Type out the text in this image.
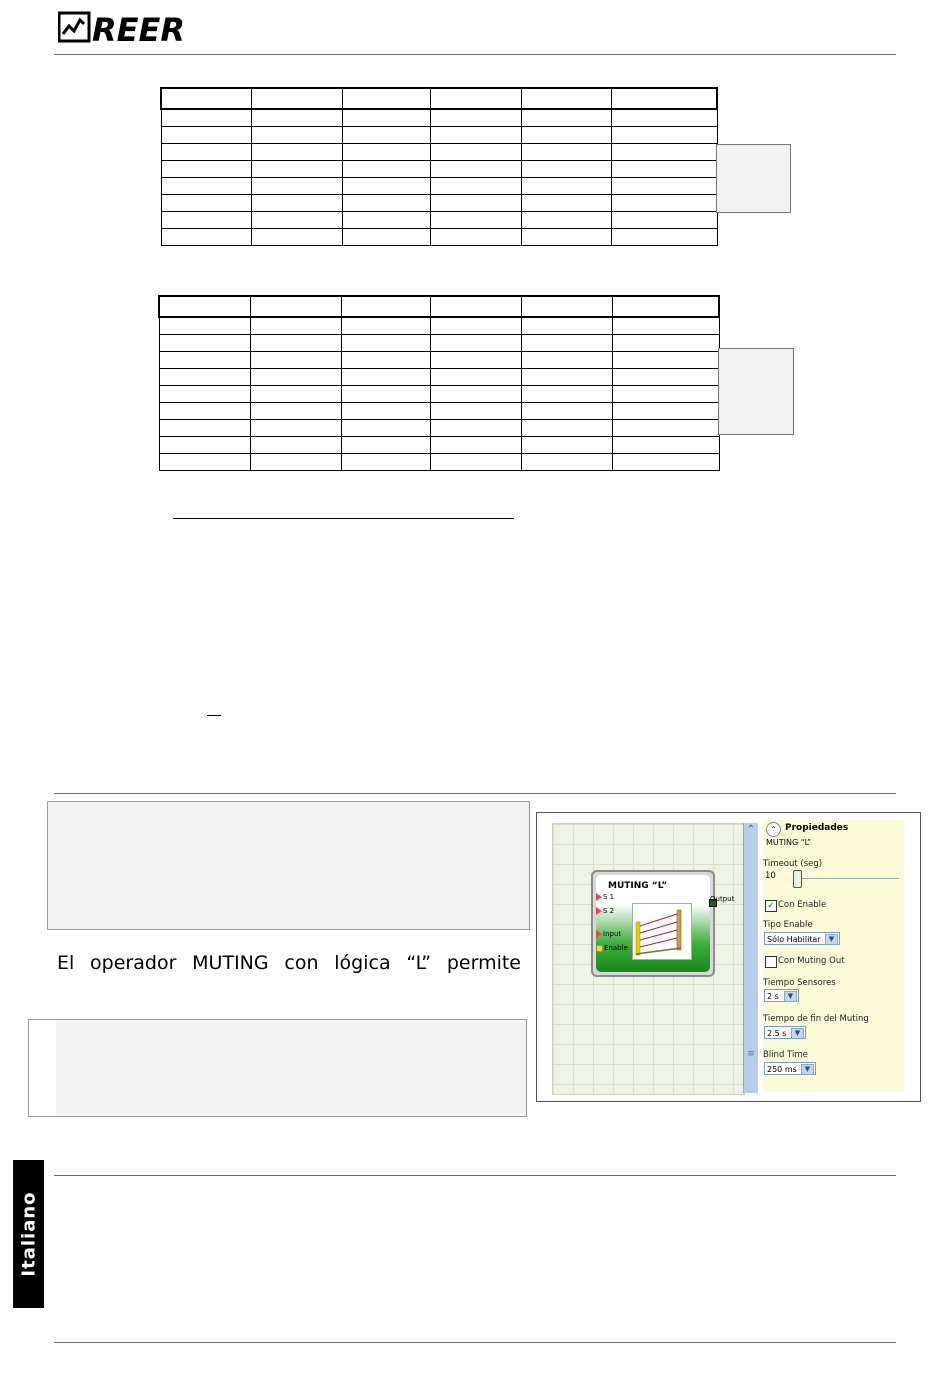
REER

El operador MUTING con lógica “L” permite
MUTING “L”
S 1
S 2
Input
Enable
Output
⌃
≡
⌃ Propiedades
MUTING “L”
Timeout (seg)
10
✓ Con Enable
Tipo Enable
Sólo Habilitar	▼
Con Muting Out
Tiempo Sensores
2 s	▼
Tiempo de fin del Muting
2.5 s	▼
Blind Time
250 ms	▼
Italiano
